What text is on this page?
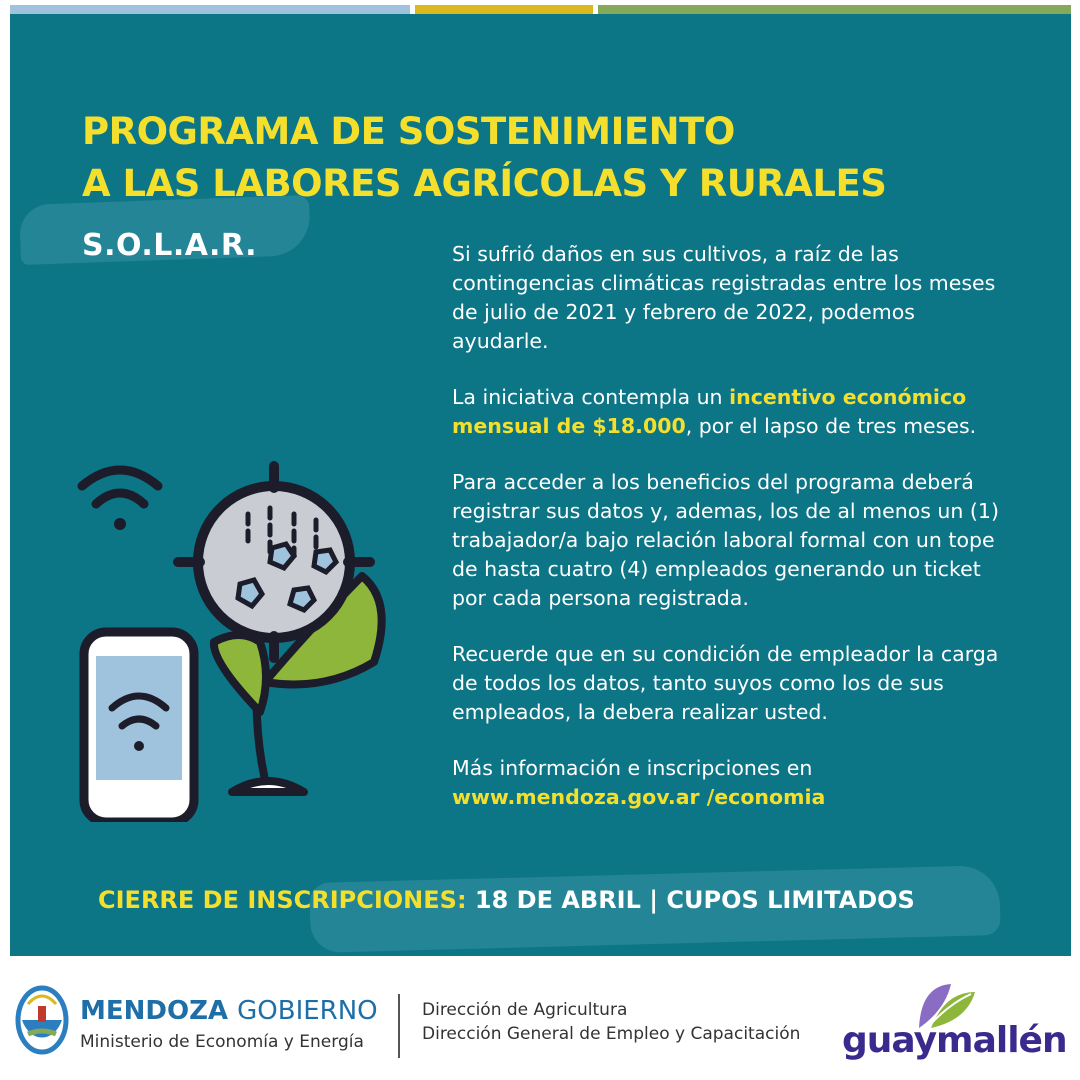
PROGRAMA DE SOSTENIMIENTO
A LAS LABORES AGRÍCOLAS Y RURALES
S.O.L.A.R.	Si sufrió daños en sus cultivos, a raíz de las contingencias climáticas registradas entre los meses de julio de 2021 y febrero de 2022, podemos ayudarle.

La iniciativa contempla un incentivo económico mensual de $18.000, por el lapso de tres meses.

Para acceder a los beneficios del programa deberá registrar sus datos y, ademas, los de al menos un (1) trabajador/a bajo relación laboral formal con un tope de hasta cuatro (4) empleados generando un ticket por cada persona registrada.

Recuerde que en su condición de empleador la carga de todos los datos, tanto suyos como los de sus empleados, la debera realizar usted.

Más información e inscripciones en
www.mendoza.gov.ar /economia

CIERRE DE INSCRIPCIONES: 18 DE ABRIL | CUPOS LIMITADOS
MENDOZA GOBIERNO
Ministerio de Economía y Energía
Dirección de Agricultura
Dirección General de Empleo y Capacitación guaymallén
